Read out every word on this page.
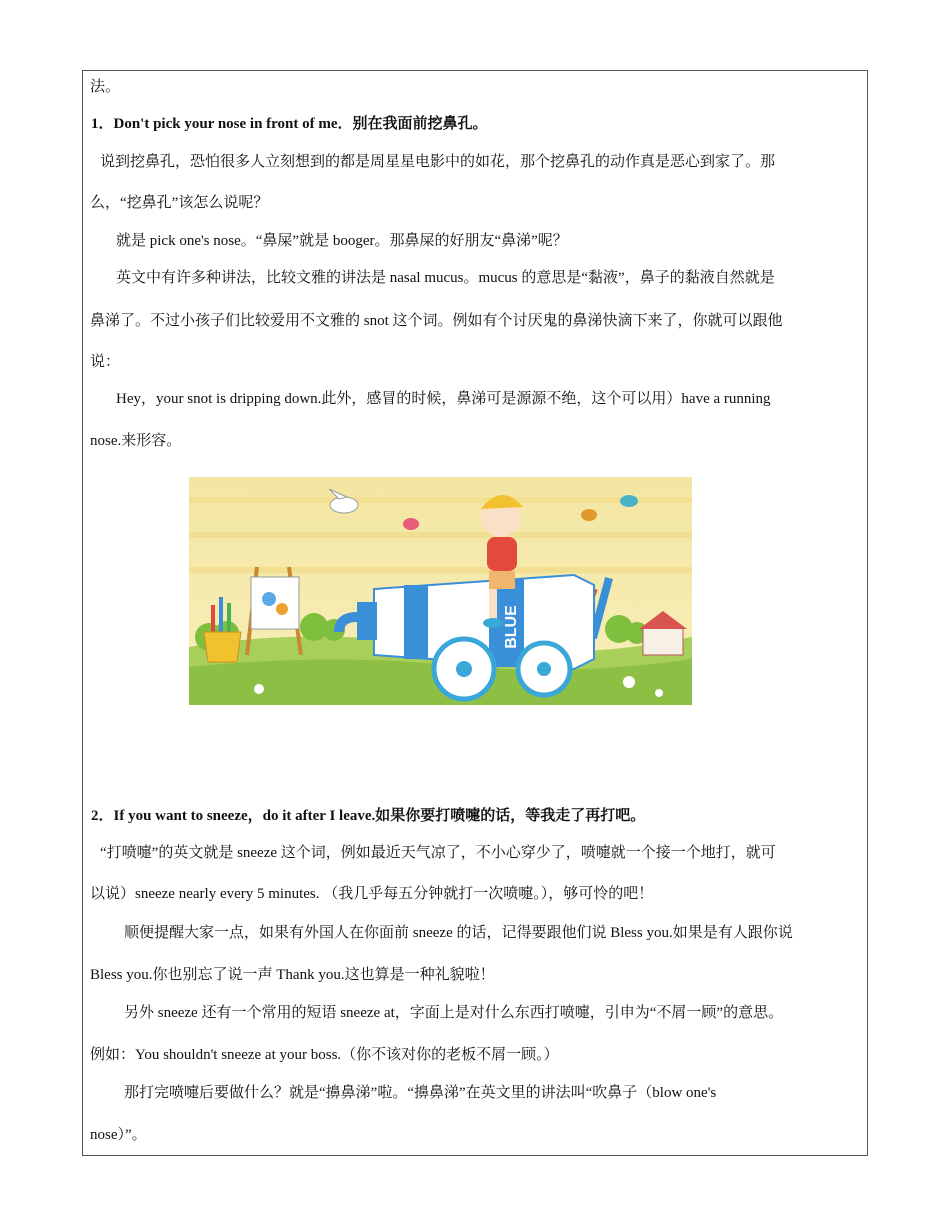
法。
1．Don't pick your nose in front of me．别在我面前挖鼻孔。
说到挖鼻孔，恐怕很多人立刻想到的都是周星星电影中的如花，那个挖鼻孔的动作真是恶心到家了。那
么，“挖鼻孔”该怎么说呢？
就是 pick one's nose。“鼻屎”就是 booger。那鼻屎的好朋友“鼻涕”呢？
英文中有许多种讲法，比较文雅的讲法是 nasal mucus。mucus 的意思是“黏液”，鼻子的黏液自然就是
鼻涕了。不过小孩子们比较爱用不文雅的 snot 这个词。例如有个讨厌鬼的鼻涕快滴下来了，你就可以跟他
说：
Hey，your snot is dripping down.此外，感冒的时候，鼻涕可是源源不绝，这个可以用）have a running
nose.来形容。
BLUE
2．If you want to sneeze，do it after I leave.如果你要打喷嚏的话，等我走了再打吧。
“打喷嚏”的英文就是 sneeze 这个词，例如最近天气凉了，不小心穿少了，喷嚏就一个接一个地打，就可
以说）sneeze nearly every 5 minutes. （我几乎每五分钟就打一次喷嚏。），够可怜的吧！
顺便提醒大家一点，如果有外国人在你面前 sneeze 的话，记得要跟他们说 Bless you.如果是有人跟你说
Bless you.你也别忘了说一声 Thank you.这也算是一种礼貌啦！
另外 sneeze 还有一个常用的短语 sneeze at，字面上是对什么东西打喷嚏，引申为“不屑一顾”的意思。
例如：You shouldn't sneeze at your boss.（你不该对你的老板不屑一顾。）
那打完喷嚏后要做什么？就是“擤鼻涕”啦。“擤鼻涕”在英文里的讲法叫“吹鼻子（blow one's
nose）”。
